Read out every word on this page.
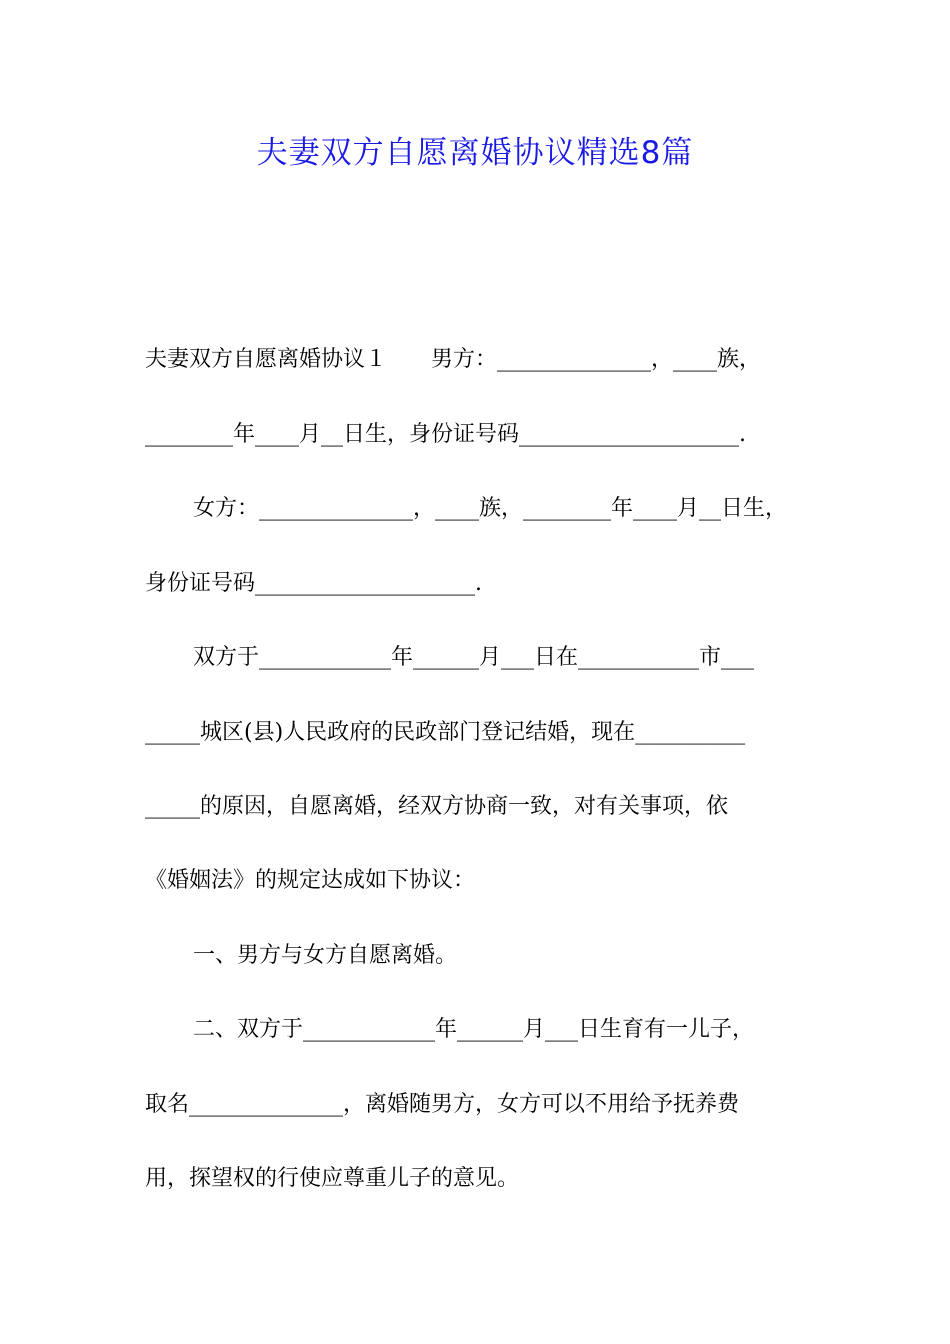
夫妻双方自愿离婚协议精选8篇
夫妻双方自愿离婚协议１　　男方：______________，____族，
________年____月__日生，身份证号码____________________.
女方：______________，____族，________年____月__日生，
身份证号码____________________.
双方于____________年______月___日在___________市___
_____城区(县)人民政府的民政部门登记结婚，现在__________
_____的原因，自愿离婚，经双方协商一致，对有关事项，依
《婚姻法》的规定达成如下协议：
一、男方与女方自愿离婚。
二、双方于____________年______月___日生育有一儿子，
取名______________，离婚随男方，女方可以不用给予抚养费
用，探望权的行使应尊重儿子的意见。
